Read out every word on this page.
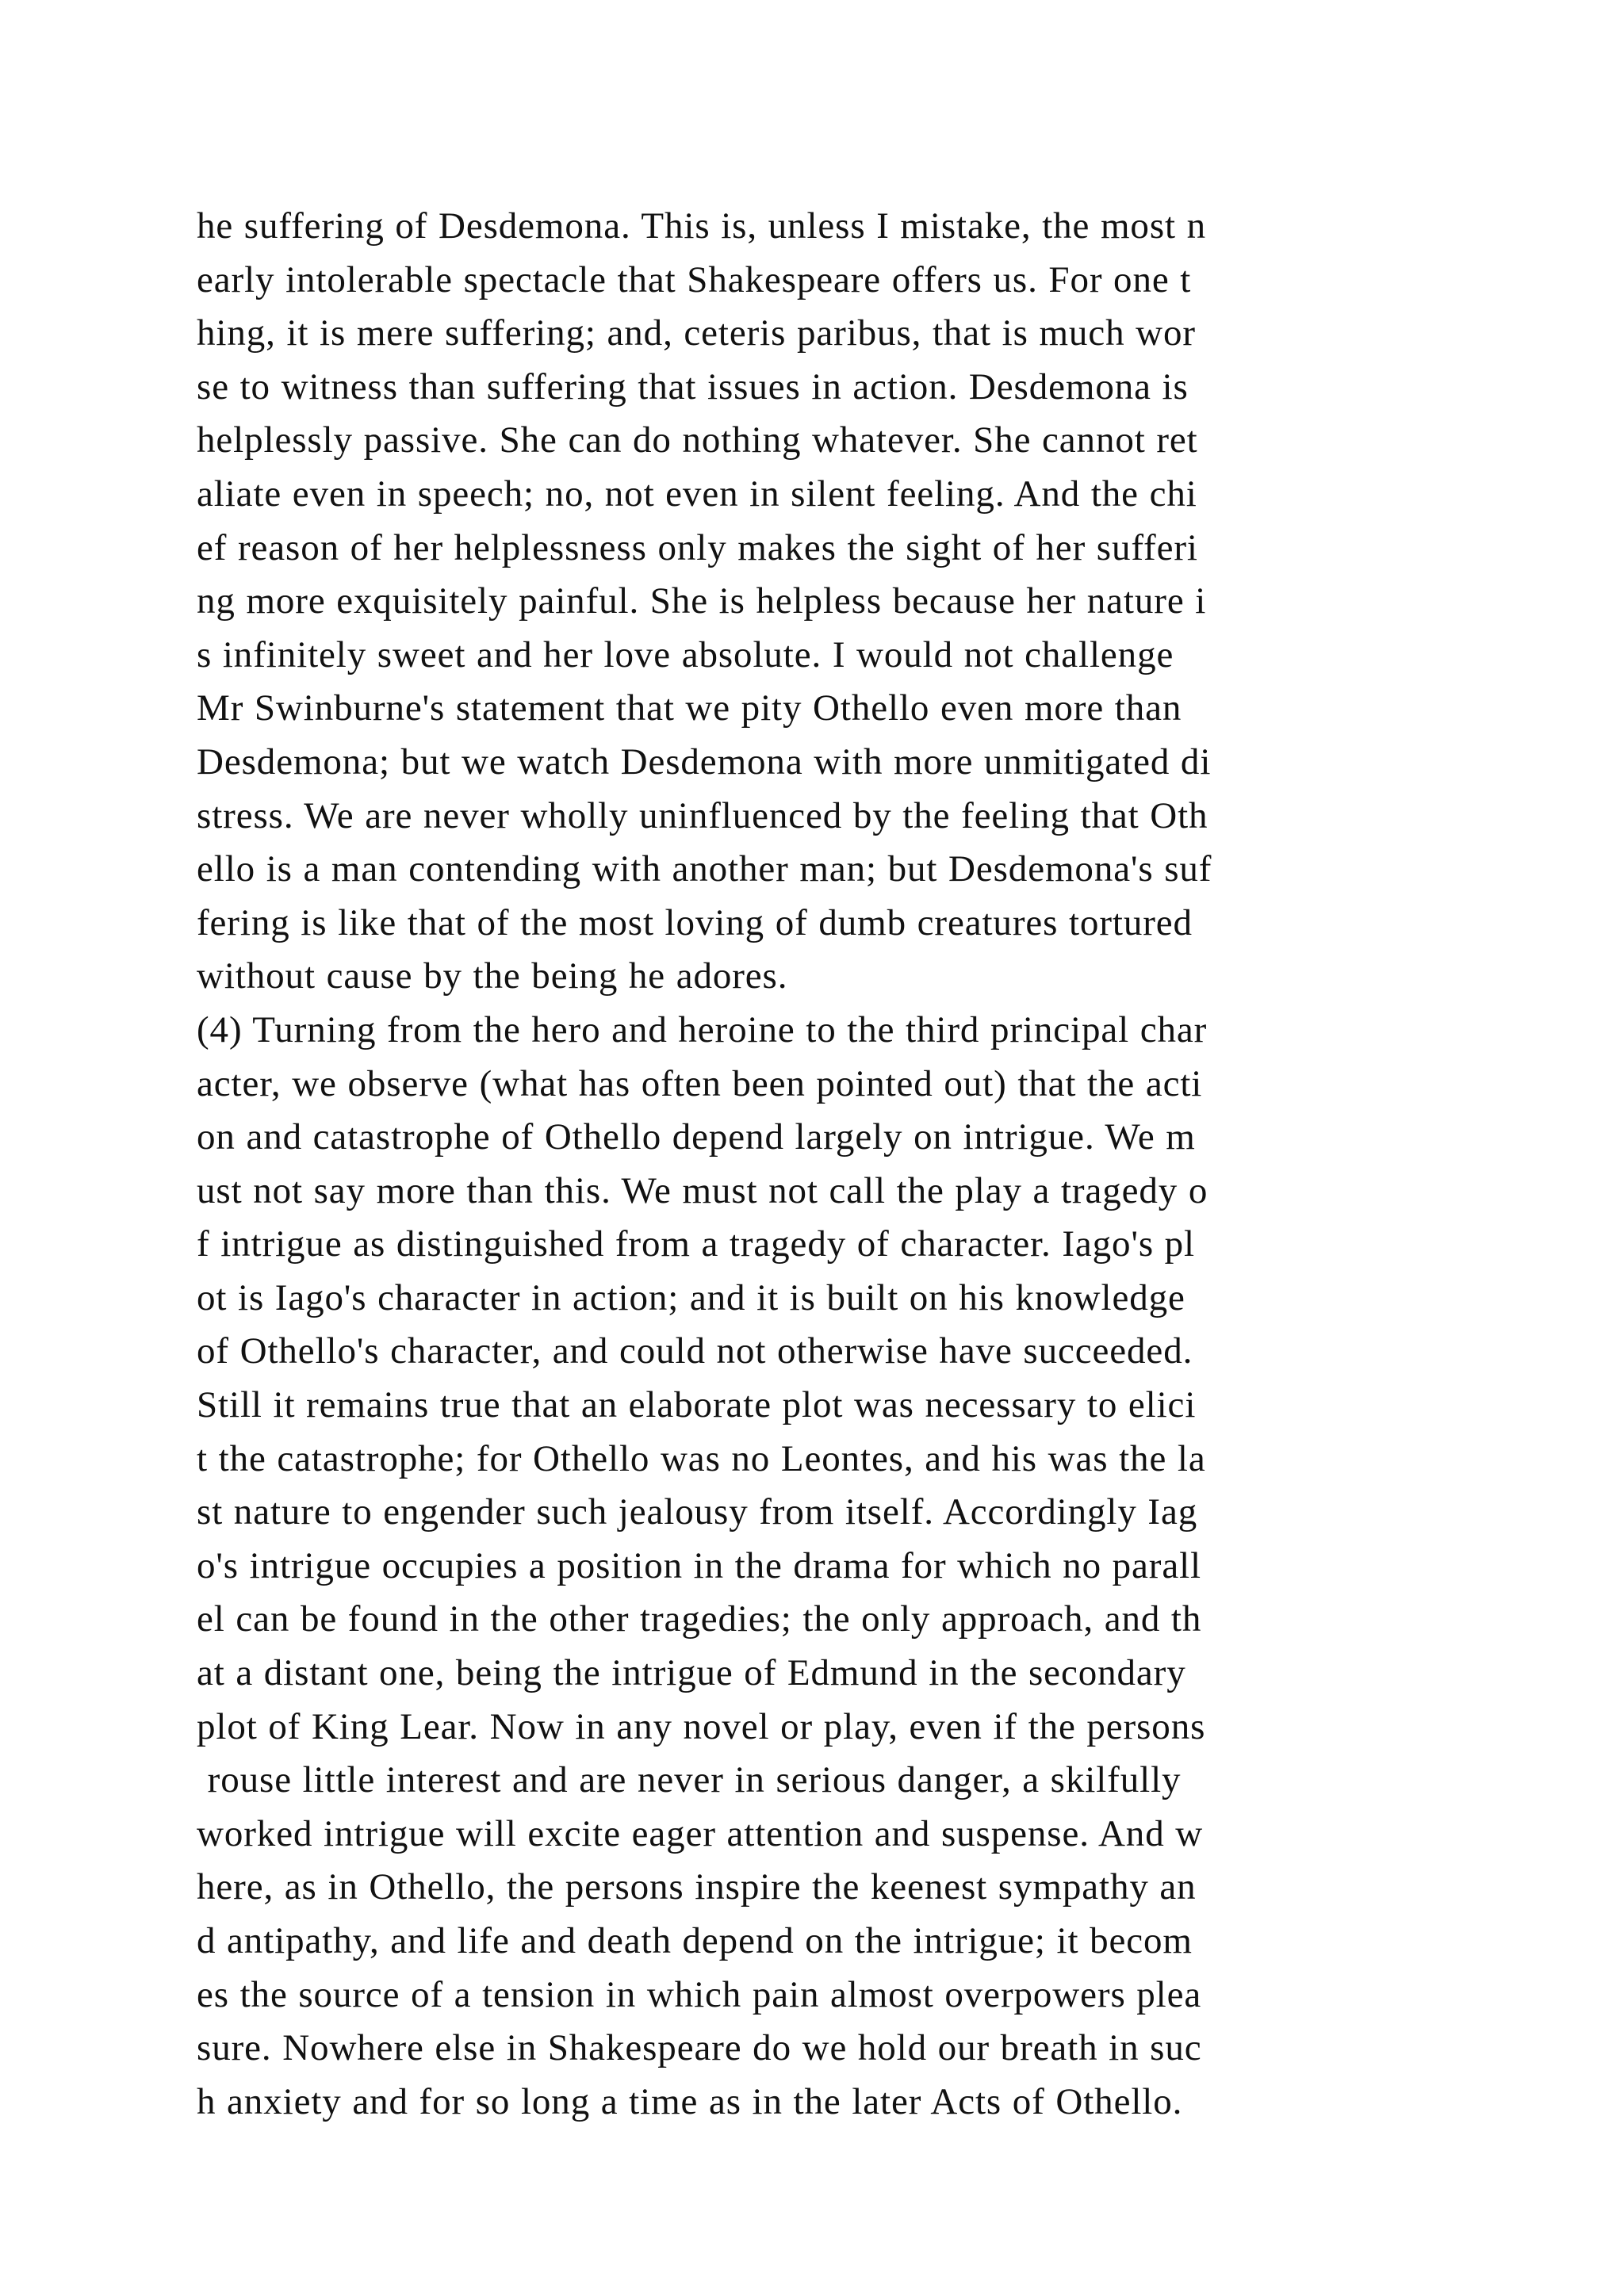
he suffering of Desdemona. This is, unless I mistake, the most n
early intolerable spectacle that Shakespeare offers us. For one t
hing, it is mere suffering; and, ceteris paribus, that is much wor
se to witness than suffering that issues in action. Desdemona is
helplessly passive. She can do nothing whatever. She cannot ret
aliate even in speech; no, not even in silent feeling. And the chi
ef reason of her helplessness only makes the sight of her sufferi
ng more exquisitely painful. She is helpless because her nature i
s infinitely sweet and her love absolute. I would not challenge
Mr Swinburne's statement that we pity Othello even more than
Desdemona; but we watch Desdemona with more unmitigated di
stress. We are never wholly uninfluenced by the feeling that Oth
ello is a man contending with another man; but Desdemona's suf
fering is like that of the most loving of dumb creatures tortured
without cause by the being he adores.
(4) Turning from the hero and heroine to the third principal char
acter, we observe (what has often been pointed out) that the acti
on and catastrophe of Othello depend largely on intrigue. We m
ust not say more than this. We must not call the play a tragedy o
f intrigue as distinguished from a tragedy of character. Iago's pl
ot is Iago's character in action; and it is built on his knowledge
of Othello's character, and could not otherwise have succeeded.
Still it remains true that an elaborate plot was necessary to elici
t the catastrophe; for Othello was no Leontes, and his was the la
st nature to engender such jealousy from itself. Accordingly Iag
o's intrigue occupies a position in the drama for which no parall
el can be found in the other tragedies; the only approach, and th
at a distant one, being the intrigue of Edmund in the secondary
plot of King Lear. Now in any novel or play, even if the persons
rouse little interest and are never in serious danger, a skilfully
worked intrigue will excite eager attention and suspense. And w
here, as in Othello, the persons inspire the keenest sympathy an
d antipathy, and life and death depend on the intrigue; it becom
es the source of a tension in which pain almost overpowers plea
sure. Nowhere else in Shakespeare do we hold our breath in suc
h anxiety and for so long a time as in the later Acts of Othello.
